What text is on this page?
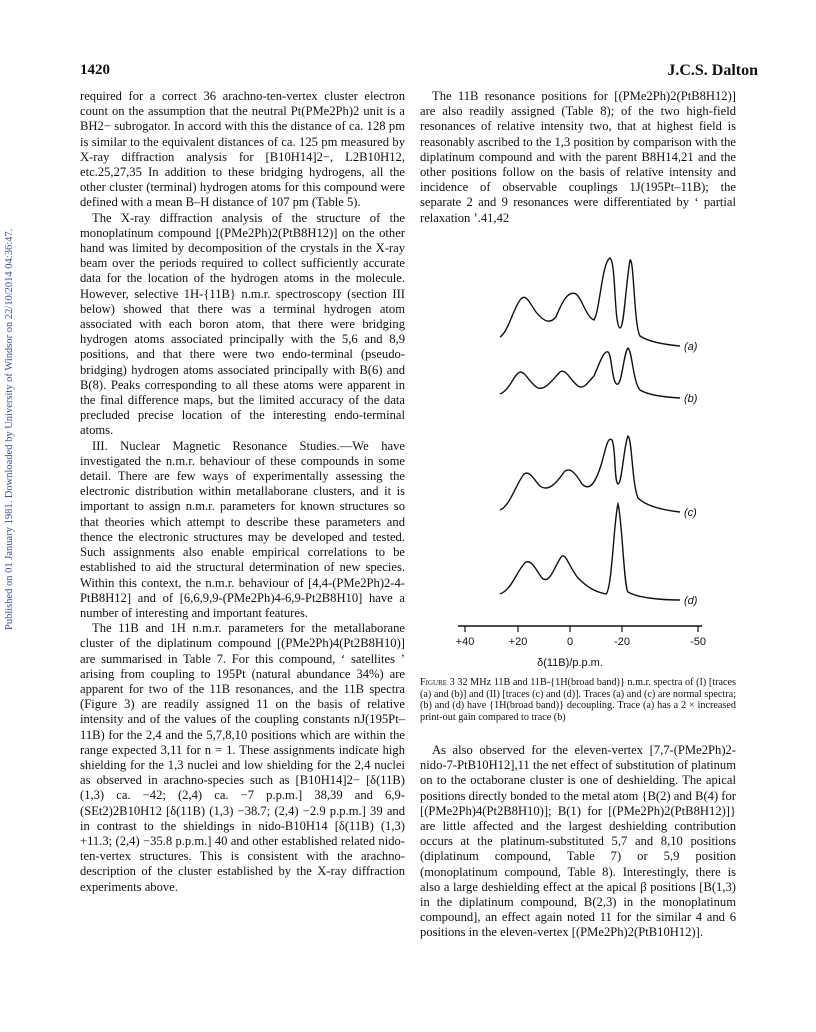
1420	J.C.S. Dalton
Published on 01 January 1981. Downloaded by University of Windsor on 22/10/2014 04:36:47.

required for a correct 36 arachno-ten-vertex cluster electron count on the assumption that the neutral Pt(PMe2Ph)2 unit is a BH2− subrogator. In accord with this the distance of ca. 128 pm is similar to the equivalent distances of ca. 125 pm measured by X-ray diffraction analysis for [B10H14]2−, L2B10H12, etc.25,27,35 In addition to these bridging hydrogens, all the other cluster (terminal) hydrogen atoms for this compound were defined with a mean B–H distance of 107 pm (Table 5).

The X-ray diffraction analysis of the structure of the monoplatinum compound [(PMe2Ph)2(PtB8H12)] on the other hand was limited by decomposition of the crystals in the X-ray beam over the periods required to collect sufficiently accurate data for the location of the hydrogen atoms in the molecule. However, selective 1H-{11B} n.m.r. spectroscopy (section III below) showed that there was a terminal hydrogen atom associated with each boron atom, that there were bridging hydrogen atoms associated principally with the 5,6 and 8,9 positions, and that there were two endo-terminal (pseudo-bridging) hydrogen atoms associated principally with B(6) and B(8). Peaks corresponding to all these atoms were apparent in the final difference maps, but the limited accuracy of the data precluded precise location of the interesting endo-terminal atoms.

III. Nuclear Magnetic Resonance Studies.—We have investigated the n.m.r. behaviour of these compounds in some detail. There are few ways of experimentally assessing the electronic distribution within metallaborane clusters, and it is important to assign n.m.r. parameters for known structures so that theories which attempt to describe these parameters and thence the electronic structures may be developed and tested. Such assignments also enable empirical correlations to be established to aid the structural determination of new species. Within this context, the n.m.r. behaviour of [4,4-(PMe2Ph)2-4-PtB8H12] and of [6,6,9,9-(PMe2Ph)4-6,9-Pt2B8H10] have a number of interesting and important features.

The 11B and 1H n.m.r. parameters for the metallaborane cluster of the diplatinum compound [(PMe2Ph)4(Pt2B8H10)] are summarised in Table 7. For this compound, ‘ satellites ’ arising from coupling to 195Pt (natural abundance 34%) are apparent for two of the 11B resonances, and the 11B spectra (Figure 3) are readily assigned 11 on the basis of relative intensity and of the values of the coupling constants nJ(195Pt–11B) for the 2,4 and the 5,7,8,10 positions which are within the range expected 3,11 for n = 1. These assignments indicate high shielding for the 1,3 nuclei and low shielding for the 2,4 nuclei as observed in arachno-species such as [B10H14]2− [δ(11B) (1,3) ca. −42; (2,4) ca. −7 p.p.m.] 38,39 and 6,9-(SEt2)2B10H12 [δ(11B) (1,3) −38.7; (2,4) −2.9 p.p.m.] 39 and in contrast to the shieldings in nido-B10H14 [δ(11B) (1,3) +11.3; (2,4) −35.8 p.p.m.] 40 and other established related nido-ten-vertex structures. This is consistent with the arachno-description of the cluster established by the X-ray diffraction experiments above.

The 11B resonance positions for [(PMe2Ph)2(PtB8H12)] are also readily assigned (Table 8); of the two high-field resonances of relative intensity two, that at highest field is reasonably ascribed to the 1,3 position by comparison with the diplatinum compound and with the parent B8H14,21 and the other positions follow on the basis of relative intensity and incidence of observable couplings 1J(195Pt–11B); the separate 2 and 9 resonances were differentiated by ‘ partial relaxation ’.41,42

(a)
(b)
(c)
(d)
+40	+20	0	-20	-50
δ(11B)/p.p.m.
Figure 3 32 MHz 11B and 11B-{1H(broad band)} n.m.r. spectra of (I) [traces (a) and (b)] and (II) [traces (c) and (d)]. Traces (a) and (c) are normal spectra; (b) and (d) have {1H(broad band)} decoupling. Trace (a) has a 2 × increased print-out gain compared to trace (b)

As also observed for the eleven-vertex [7,7-(PMe2Ph)2-nido-7-PtB10H12],11 the net effect of substitution of platinum on to the octaborane cluster is one of deshielding. The apical positions directly bonded to the metal atom {B(2) and B(4) for [(PMe2Ph)4(Pt2B8H10)]; B(1) for [(PMe2Ph)2(PtB8H12)]} are little affected and the largest deshielding contribution occurs at the platinum-substituted 5,7 and 8,10 positions (diplatinum compound, Table 7) or 5,9 position (monoplatinum compound, Table 8). Interestingly, there is also a large deshielding effect at the apical β positions [B(1,3) in the diplatinum compound, B(2,3) in the monoplatinum compound], an effect again noted 11 for the similar 4 and 6 positions in the eleven-vertex [(PMe2Ph)2(PtB10H12)].
